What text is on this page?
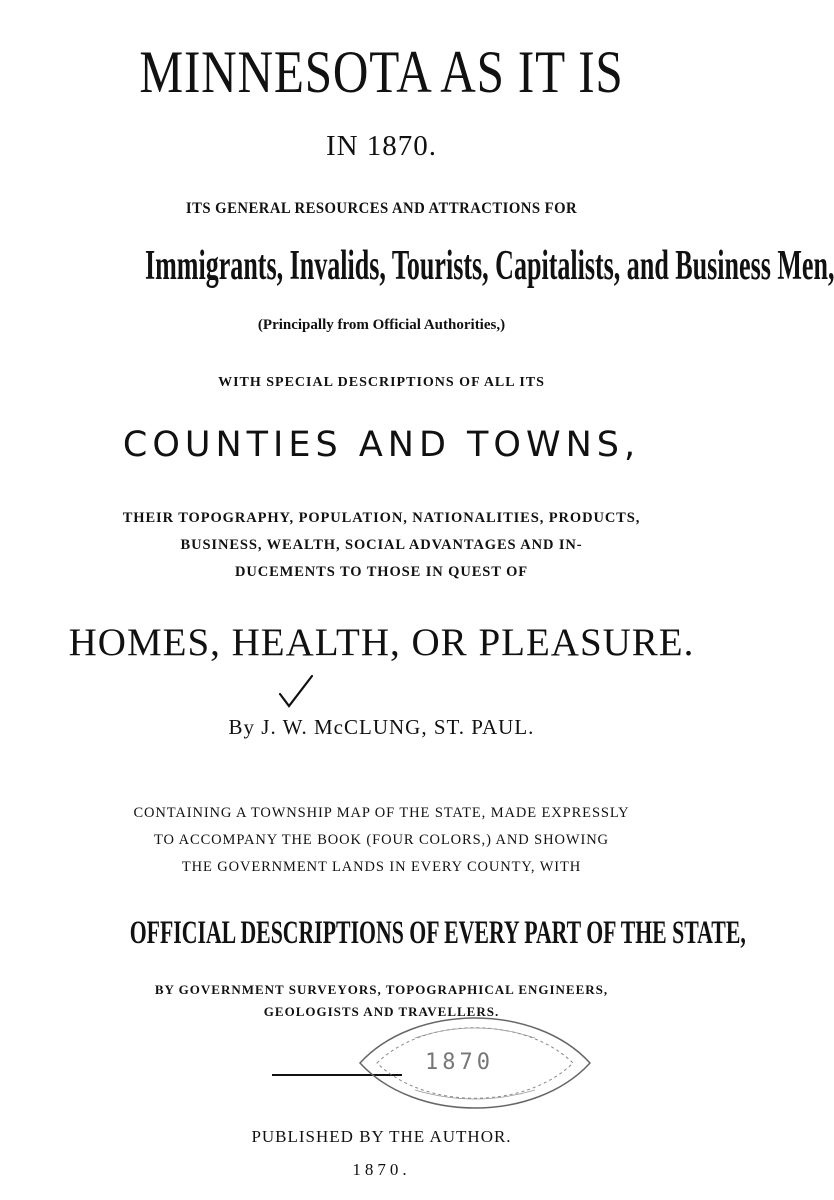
MINNESOTA AS IT IS
IN 1870.
ITS GENERAL RESOURCES AND ATTRACTIONS FOR
Immigrants, Invalids, Tourists, Capitalists, and Business Men,
(Principally from Official Authorities,)
WITH SPECIAL DESCRIPTIONS OF ALL ITS
COUNTIES AND TOWNS,
THEIR TOPOGRAPHY, POPULATION, NATIONALITIES, PRODUCTS,
BUSINESS, WEALTH, SOCIAL ADVANTAGES AND IN-
DUCEMENTS TO THOSE IN QUEST OF
HOMES, HEALTH, OR PLEASURE.
By J. W. McCLUNG, ST. PAUL.
CONTAINING A TOWNSHIP MAP OF THE STATE, MADE EXPRESSLY
TO ACCOMPANY THE BOOK (FOUR COLORS,) AND SHOWING
THE GOVERNMENT LANDS IN EVERY COUNTY, WITH
OFFICIAL DESCRIPTIONS OF EVERY PART OF THE STATE,
BY GOVERNMENT SURVEYORS, TOPOGRAPHICAL ENGINEERS,
GEOLOGISTS AND TRAVELLERS.
1870
PUBLISHED BY THE AUTHOR.
1870.
